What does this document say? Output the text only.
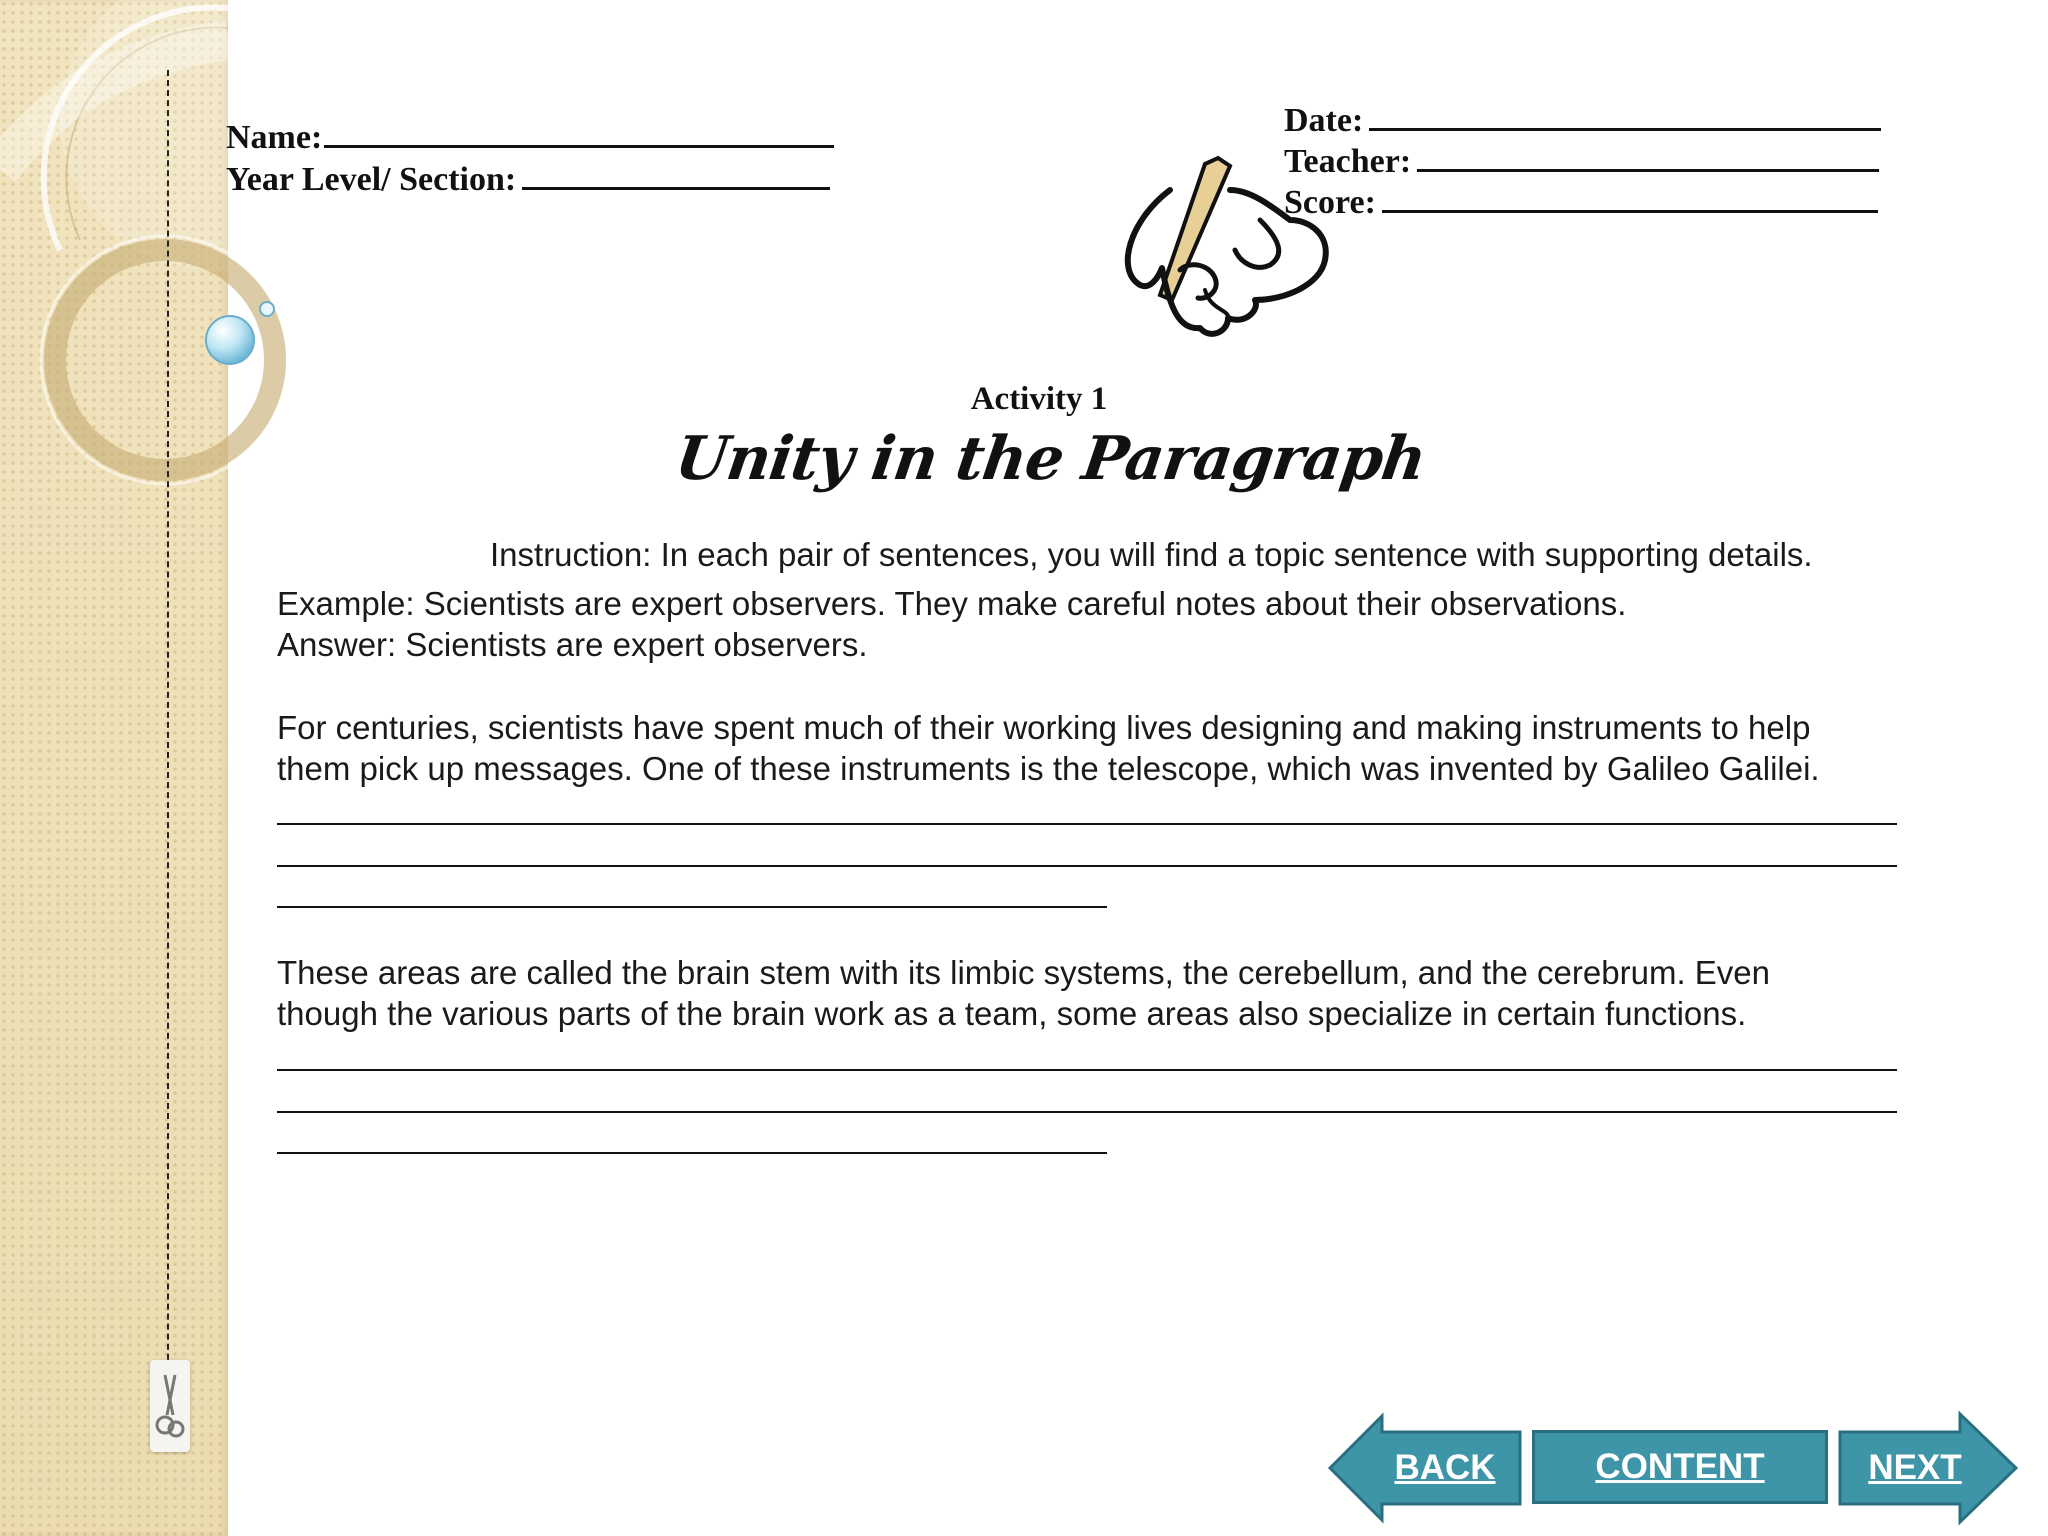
Name:
Year Level/ Section:
Date:
Teacher:
Score:
Activity 1
Unity in the Paragraph
Instruction: In each pair of sentences, you will find a topic sentence with supporting details.
Example: Scientists are expert observers. They make careful notes about their observations.
Answer: Scientists are expert observers.
For centuries, scientists have spent much of their working lives designing and making instruments to help
them pick up messages. One of these instruments is the telescope, which was invented by Galileo Galilei.
These areas are called the brain stem with its limbic systems, the cerebellum, and the cerebrum. Even
though the various parts of the brain work as a team, some areas also specialize in certain functions.
BACK	CONTENT	NEXT
